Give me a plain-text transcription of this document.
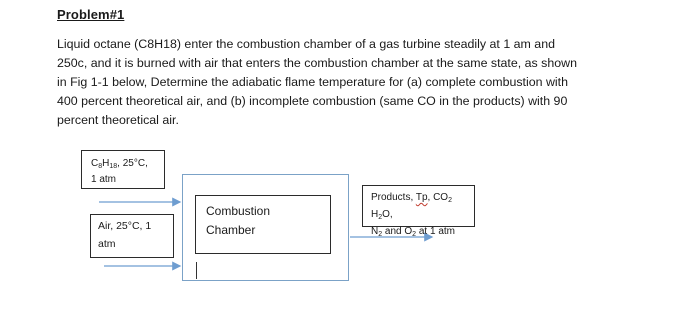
Problem#1
Liquid octane (C8H18) enter the combustion chamber of a gas turbine steadily at 1 am and
250c, and it is burned with air that enters the combustion chamber at the same state, as shown
in Fig 1-1 below, Determine the adiabatic flame temperature for (a) complete combustion with
400 percent theoretical air, and (b) incomplete combustion (same CO in the products) with 90
percent theoretical air.
$C_8H_{18}$, 25°C,
1 atm
Air, 25°C, 1
atm
Combustion
Chamber
Products, Tp, $CO_2$ $H_2O$,
$N_2$ and $O_2$ at 1 atm
